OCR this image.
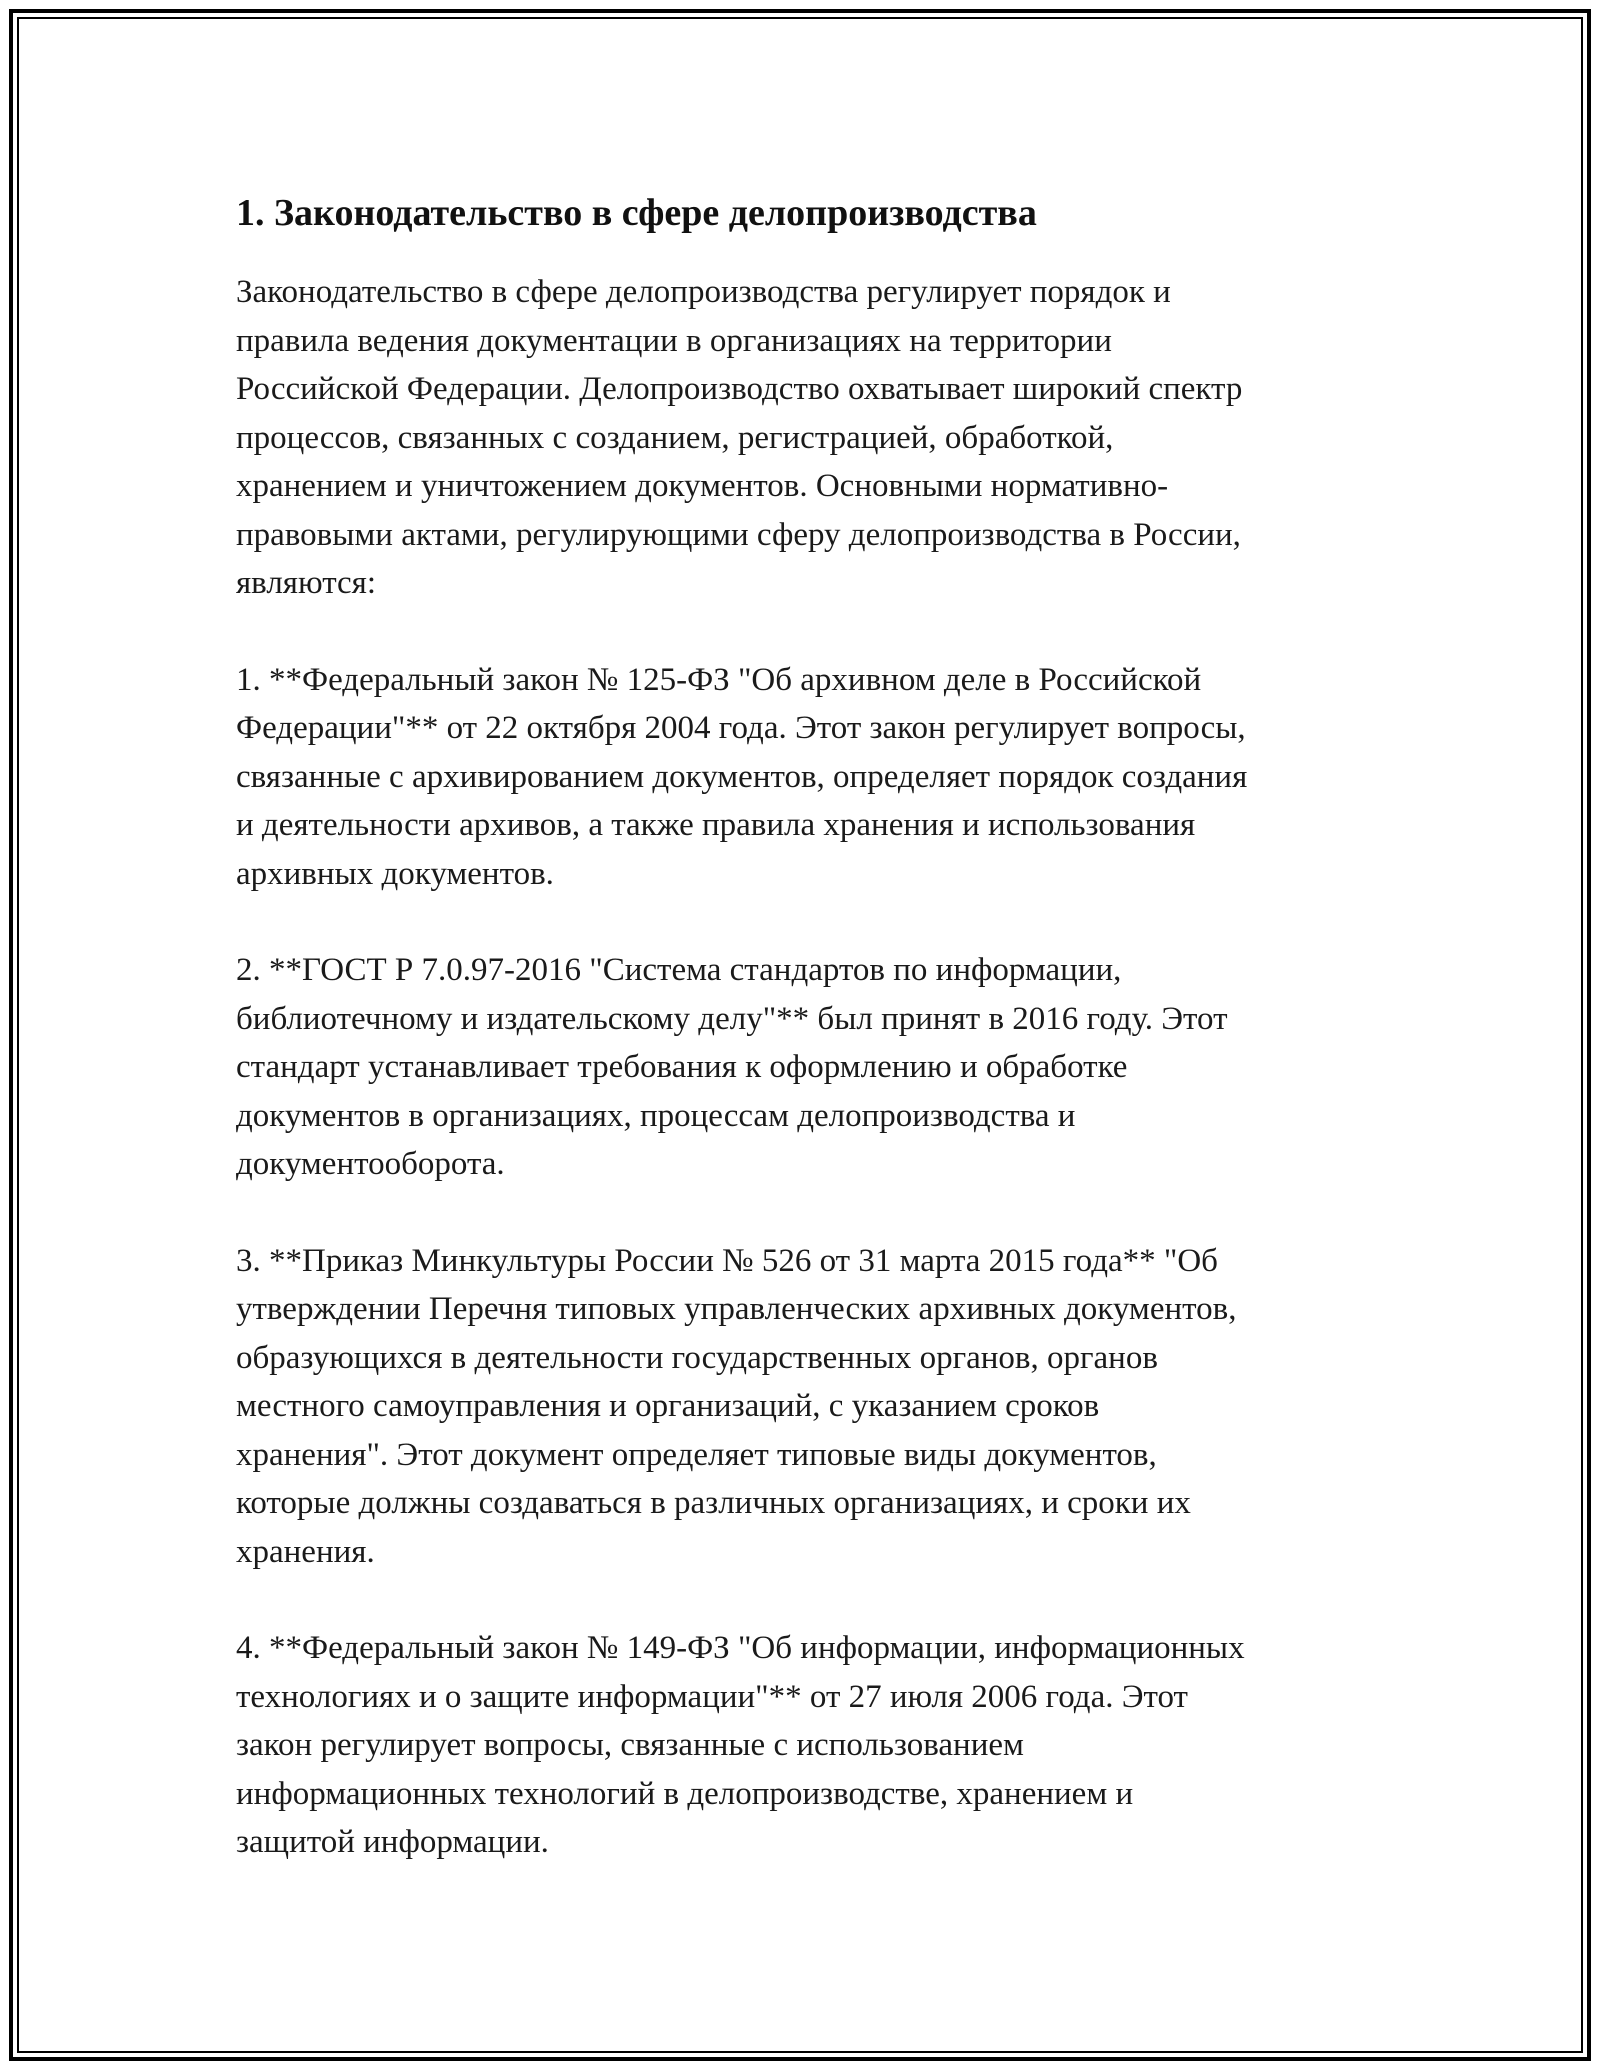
1. Законодательство в сфере делопроизводства

Законодательство в сфере делопроизводства регулирует порядок и
правила ведения документации в организациях на территории
Российской Федерации. Делопроизводство охватывает широкий спектр
процессов, связанных с созданием, регистрацией, обработкой,
хранением и уничтожением документов. Основными нормативно-
правовыми актами, регулирующими сферу делопроизводства в России,
являются:

1. **Федеральный закон № 125-ФЗ "Об архивном деле в Российской
Федерации"** от 22 октября 2004 года. Этот закон регулирует вопросы,
связанные с архивированием документов, определяет порядок создания
и деятельности архивов, а также правила хранения и использования
архивных документов.

2. **ГОСТ Р 7.0.97-2016 "Система стандартов по информации,
библиотечному и издательскому делу"** был принят в 2016 году. Этот
стандарт устанавливает требования к оформлению и обработке
документов в организациях, процессам делопроизводства и
документооборота.

3. **Приказ Минкультуры России № 526 от 31 марта 2015 года** "Об
утверждении Перечня типовых управленческих архивных документов,
образующихся в деятельности государственных органов, органов
местного самоуправления и организаций, с указанием сроков
хранения". Этот документ определяет типовые виды документов,
которые должны создаваться в различных организациях, и сроки их
хранения.

4. **Федеральный закон № 149-ФЗ "Об информации, информационных
технологиях и о защите информации"** от 27 июля 2006 года. Этот
закон регулирует вопросы, связанные с использованием
информационных технологий в делопроизводстве, хранением и
защитой информации.
